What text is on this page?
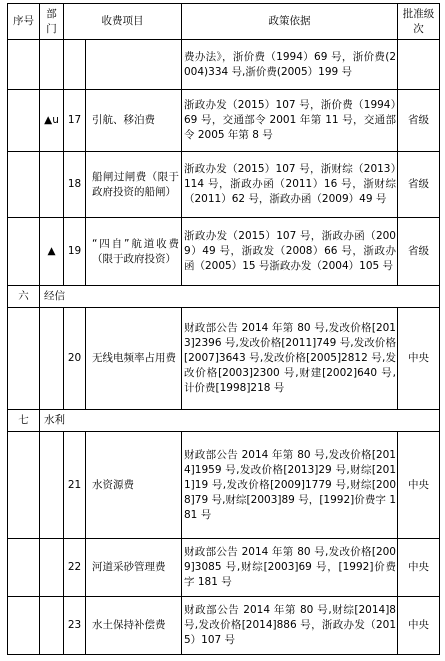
序号	部门	收费项目		政策依据	批准级次
				费办法》，浙价费（1994）69 号，浙价费(2004)334 号,浙价费(2005）199 号	
	▲u	17	引航、移泊费	浙政办发（2015）107 号，浙价费（1994）69 号，交通部令 2001 年第 11 号，交通部令 2005 年第 8 号	省级
		18	船闸过闸费（限于政府投资的船闸）	浙政办发（2015）107 号，浙财综（2013）114 号，浙政办函（2011）16 号，浙财综（2011）62 号，浙政办函（2009）49 号	省级
	▲	19	“四自”航道收费（限于政府投资）	浙政办发（2015）107 号，浙政办函（2009）49 号，浙政发（2008）66 号，浙政办函（2005）15 号浙政办发（2004）105 号	省级
六	经信				
		20	无线电频率占用费	财政部公告 2014 年第 80 号,发改价格[2013]2396 号,发改价格[2011]749 号,发改价格[2007]3643 号,发改价格[2005]2812 号,发改价格[2003]2300 号,财建[2002]640 号,计价费[1998]218 号	中央
七	水利				
		21	水资源费	财政部公告 2014 年第 80 号,发改价格[2014]1959 号,发改价格[2013]29 号,财综[2011]19 号,发改价格[2009]1779 号,财综[2008]79 号,财综[2003]89 号，[1992]价费字 181 号	中央
		22	河道采砂管理费	财政部公告 2014 年第 80 号,发改价格[2009]3085 号,财综[2003]69 号，[1992]价费字 181 号	中央
		23	水土保持补偿费	财政部公告 2014 年第 80 号,财综[2014]8 号,发改价格[2014]886 号，浙政办发（2015）107 号	中央
